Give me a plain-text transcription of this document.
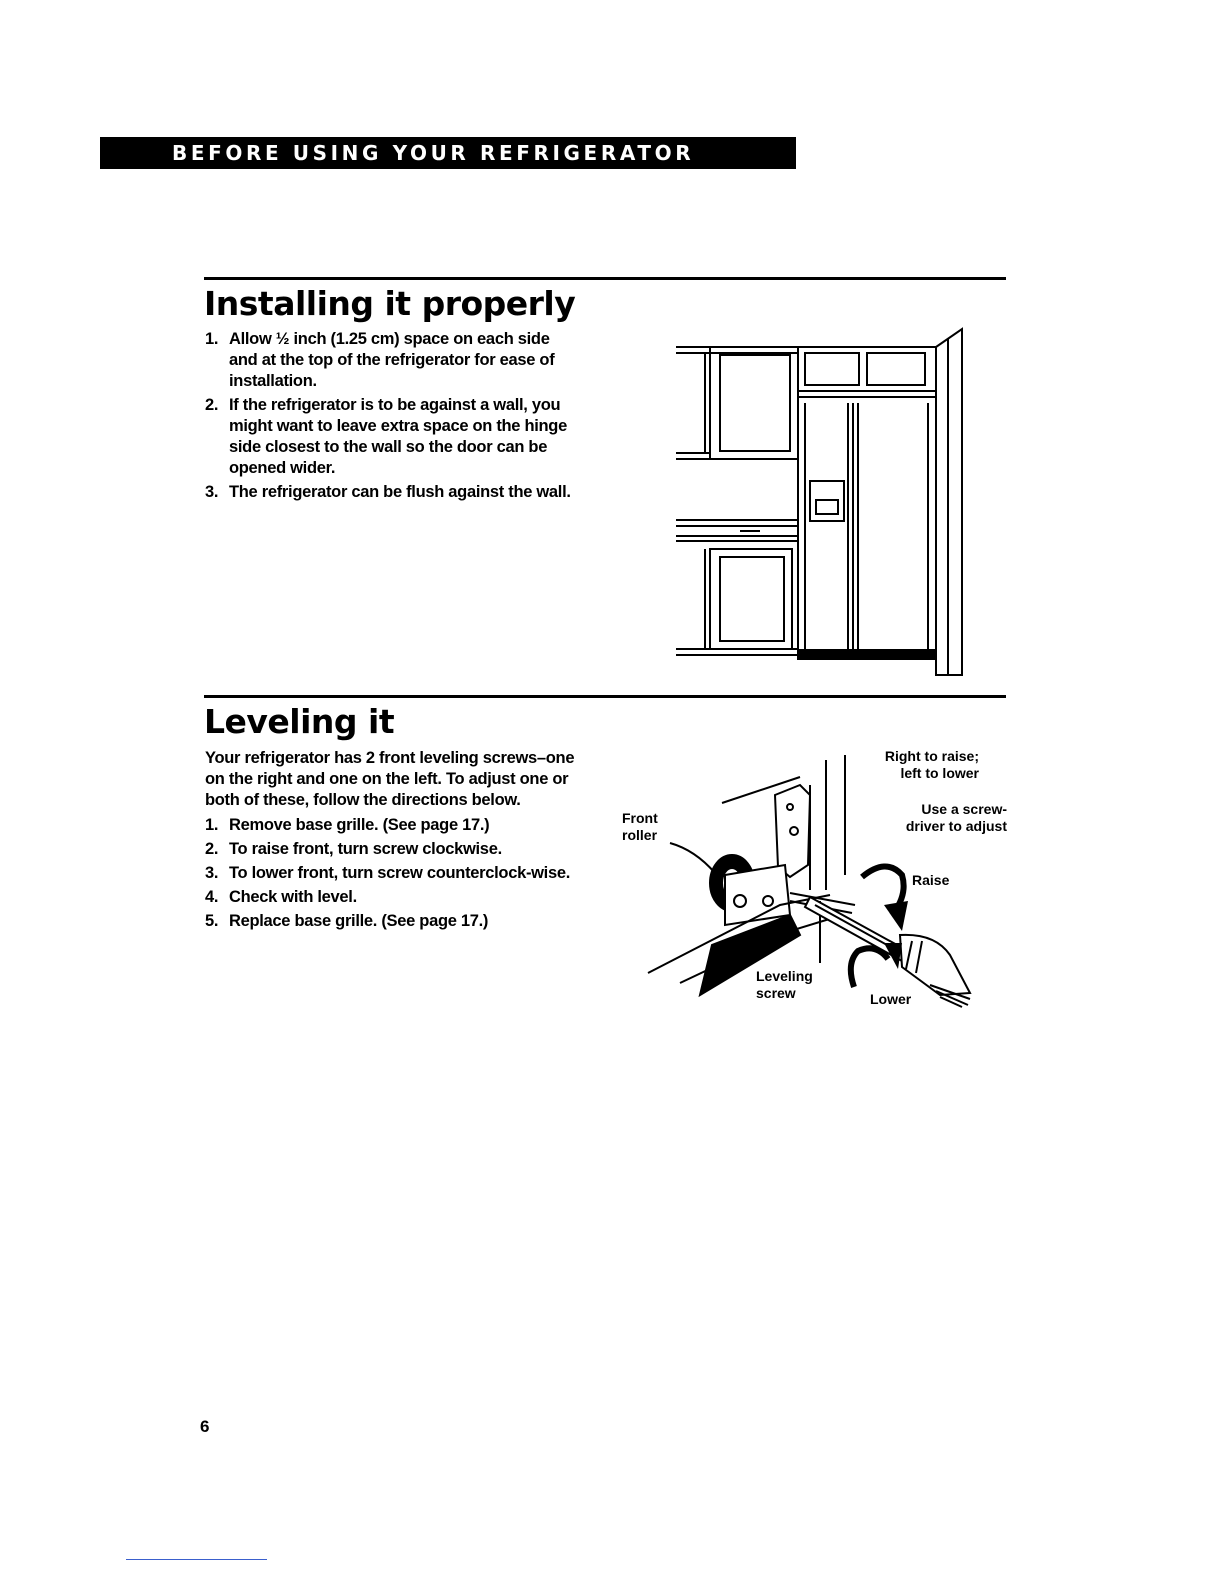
BEFORE USING YOUR REFRIGERATOR
Installing it properly
1. Allow ½ inch (1.25 cm) space on each side and at the top of the refrigerator for ease of installation.
2. If the refrigerator is to be against a wall, you might want to leave extra space on the hinge side closest to the wall so the door can be opened wider.
3. The refrigerator can be flush against the wall.
Leveling it

Your refrigerator has 2 front leveling screws–one on the right and one on the left. To adjust one or both of these, follow the directions below.

1. Remove base grille. (See page 17.)
2. To raise front, turn screw clockwise.
3. To lower front, turn screw counterclock-wise.
4. Check with level.
5. Replace base grille. (See page 17.)
Front
roller
Right to raise;
left to lower
Use a screw-
driver to adjust
Raise
Lower
Leveling
screw
6
